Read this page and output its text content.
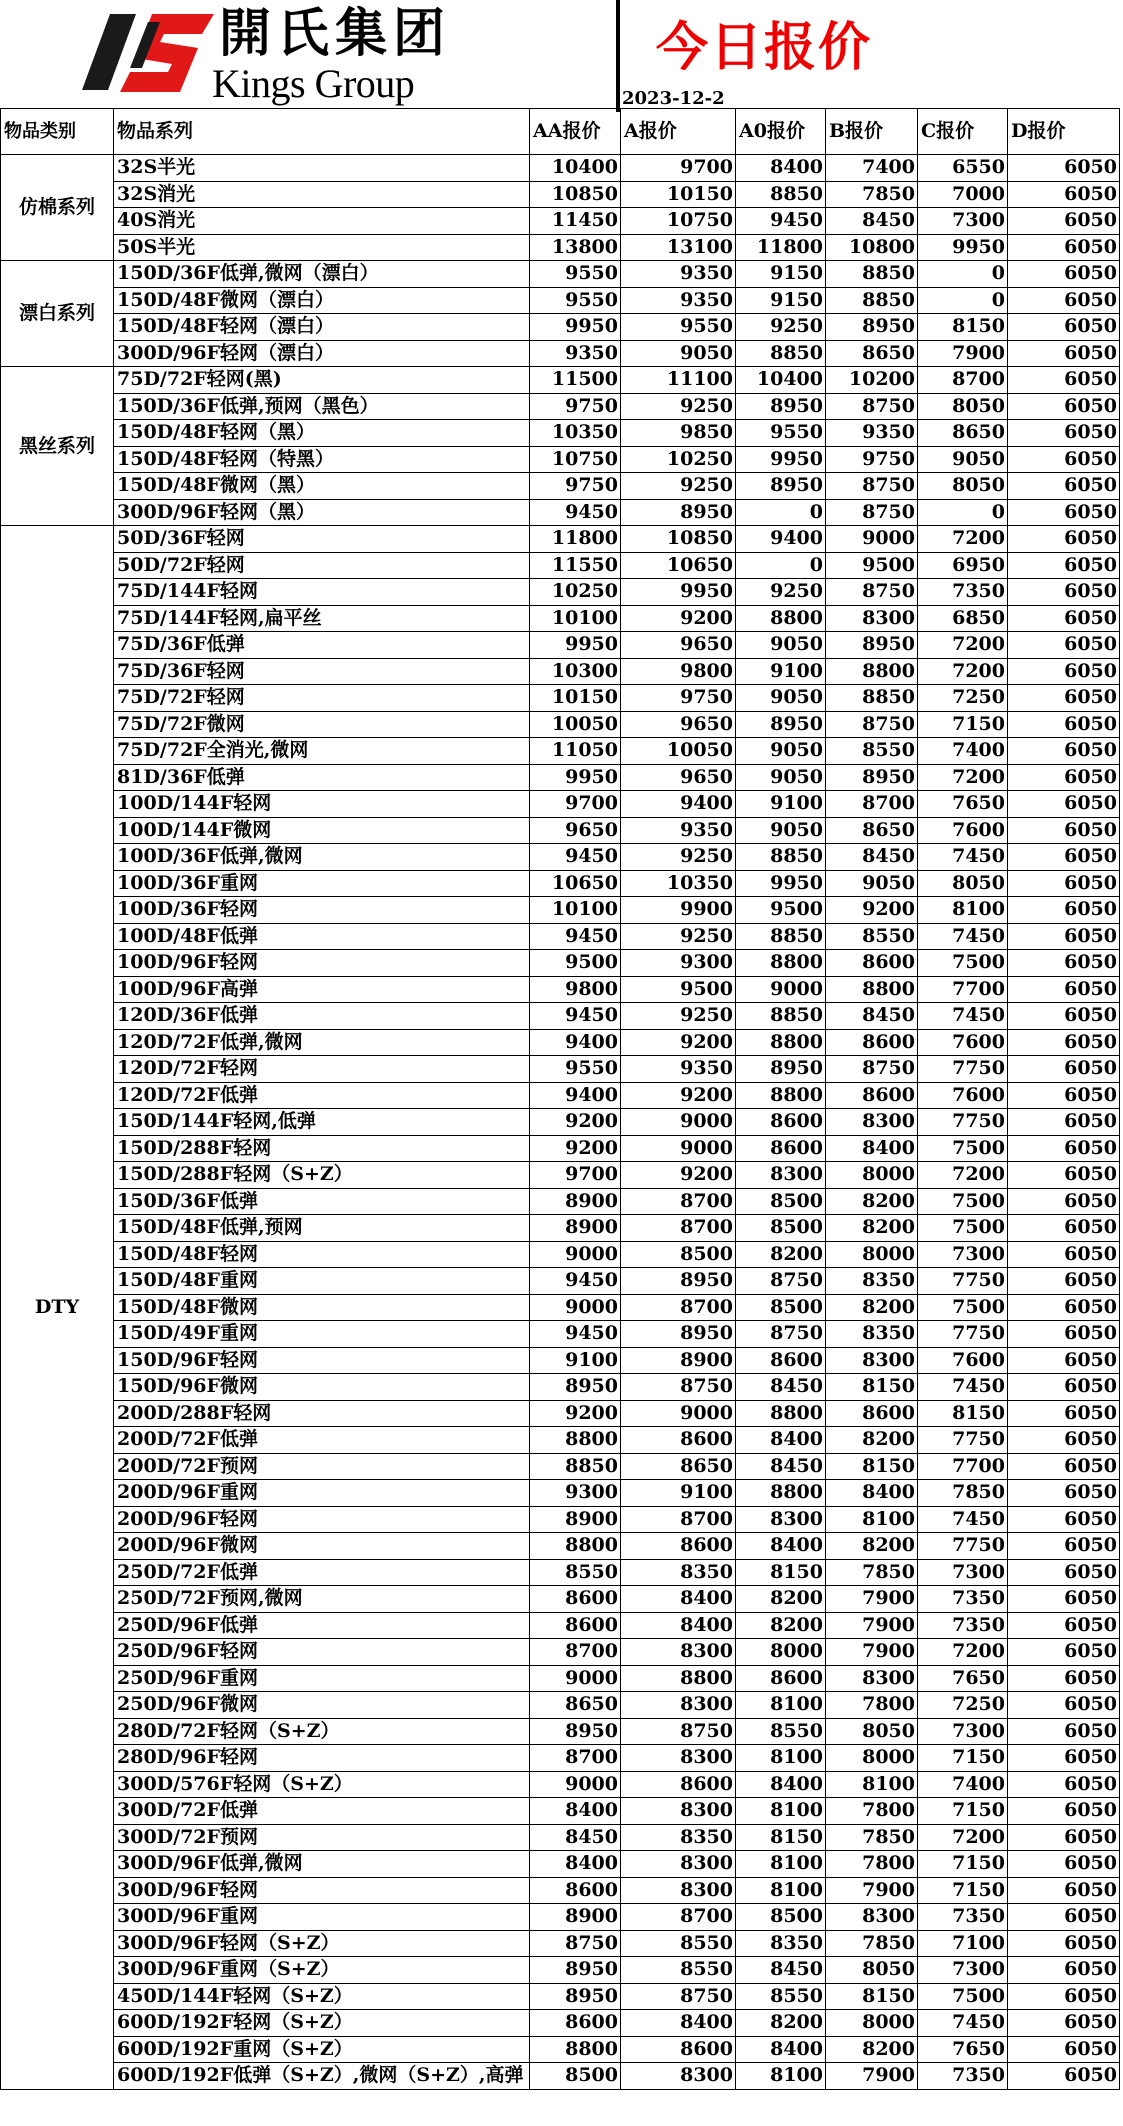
開氏集团
Kings Group
今日报价
2023-12-2
物品类别	物品系列	AA报价	A报价	A0报价	B报价	C报价	D报价
仿棉系列	32S半光	10400	9700	8400	7400	6550	6050
	32S消光	10850	10150	8850	7850	7000	6050
	40S消光	11450	10750	9450	8450	7300	6050
	50S半光	13800	13100	11800	10800	9950	6050
漂白系列	150D/36F低弹,微网（漂白）	9550	9350	9150	8850	0	6050
	150D/48F微网（漂白）	9550	9350	9150	8850	0	6050
	150D/48F轻网（漂白）	9950	9550	9250	8950	8150	6050
	300D/96F轻网（漂白）	9350	9050	8850	8650	7900	6050
黑丝系列	75D/72F轻网(黑)	11500	11100	10400	10200	8700	6050
	150D/36F低弹,预网（黑色）	9750	9250	8950	8750	8050	6050
	150D/48F轻网（黑）	10350	9850	9550	9350	8650	6050
	150D/48F轻网（特黑）	10750	10250	9950	9750	9050	6050
	150D/48F微网（黑）	9750	9250	8950	8750	8050	6050
	300D/96F轻网（黑）	9450	8950	0	8750	0	6050
DTY	50D/36F轻网	11800	10850	9400	9000	7200	6050
	50D/72F轻网	11550	10650	0	9500	6950	6050
	75D/144F轻网	10250	9950	9250	8750	7350	6050
	75D/144F轻网,扁平丝	10100	9200	8800	8300	6850	6050
	75D/36F低弹	9950	9650	9050	8950	7200	6050
	75D/36F轻网	10300	9800	9100	8800	7200	6050
	75D/72F轻网	10150	9750	9050	8850	7250	6050
	75D/72F微网	10050	9650	8950	8750	7150	6050
	75D/72F全消光,微网	11050	10050	9050	8550	7400	6050
	81D/36F低弹	9950	9650	9050	8950	7200	6050
	100D/144F轻网	9700	9400	9100	8700	7650	6050
	100D/144F微网	9650	9350	9050	8650	7600	6050
	100D/36F低弹,微网	9450	9250	8850	8450	7450	6050
	100D/36F重网	10650	10350	9950	9050	8050	6050
	100D/36F轻网	10100	9900	9500	9200	8100	6050
	100D/48F低弹	9450	9250	8850	8550	7450	6050
	100D/96F轻网	9500	9300	8800	8600	7500	6050
	100D/96F高弹	9800	9500	9000	8800	7700	6050
	120D/36F低弹	9450	9250	8850	8450	7450	6050
	120D/72F低弹,微网	9400	9200	8800	8600	7600	6050
	120D/72F轻网	9550	9350	8950	8750	7750	6050
	120D/72F低弹	9400	9200	8800	8600	7600	6050
	150D/144F轻网,低弹	9200	9000	8600	8300	7750	6050
	150D/288F轻网	9200	9000	8600	8400	7500	6050
	150D/288F轻网（S+Z）	9700	9200	8300	8000	7200	6050
	150D/36F低弹	8900	8700	8500	8200	7500	6050
	150D/48F低弹,预网	8900	8700	8500	8200	7500	6050
	150D/48F轻网	9000	8500	8200	8000	7300	6050
	150D/48F重网	9450	8950	8750	8350	7750	6050
	150D/48F微网	9000	8700	8500	8200	7500	6050
	150D/49F重网	9450	8950	8750	8350	7750	6050
	150D/96F轻网	9100	8900	8600	8300	7600	6050
	150D/96F微网	8950	8750	8450	8150	7450	6050
	200D/288F轻网	9200	9000	8800	8600	8150	6050
	200D/72F低弹	8800	8600	8400	8200	7750	6050
	200D/72F预网	8850	8650	8450	8150	7700	6050
	200D/96F重网	9300	9100	8800	8400	7850	6050
	200D/96F轻网	8900	8700	8300	8100	7450	6050
	200D/96F微网	8800	8600	8400	8200	7750	6050
	250D/72F低弹	8550	8350	8150	7850	7300	6050
	250D/72F预网,微网	8600	8400	8200	7900	7350	6050
	250D/96F低弹	8600	8400	8200	7900	7350	6050
	250D/96F轻网	8700	8300	8000	7900	7200	6050
	250D/96F重网	9000	8800	8600	8300	7650	6050
	250D/96F微网	8650	8300	8100	7800	7250	6050
	280D/72F轻网（S+Z）	8950	8750	8550	8050	7300	6050
	280D/96F轻网	8700	8300	8100	8000	7150	6050
	300D/576F轻网（S+Z）	9000	8600	8400	8100	7400	6050
	300D/72F低弹	8400	8300	8100	7800	7150	6050
	300D/72F预网	8450	8350	8150	7850	7200	6050
	300D/96F低弹,微网	8400	8300	8100	7800	7150	6050
	300D/96F轻网	8600	8300	8100	7900	7150	6050
	300D/96F重网	8900	8700	8500	8300	7350	6050
	300D/96F轻网（S+Z）	8750	8550	8350	7850	7100	6050
	300D/96F重网（S+Z）	8950	8550	8450	8050	7300	6050
	450D/144F轻网（S+Z）	8950	8750	8550	8150	7500	6050
	600D/192F轻网（S+Z）	8600	8400	8200	8000	7450	6050
	600D/192F重网（S+Z）	8800	8600	8400	8200	7650	6050
	600D/192F低弹（S+Z）,微网（S+Z）,高弹	8500	8300	8100	7900	7350	6050
